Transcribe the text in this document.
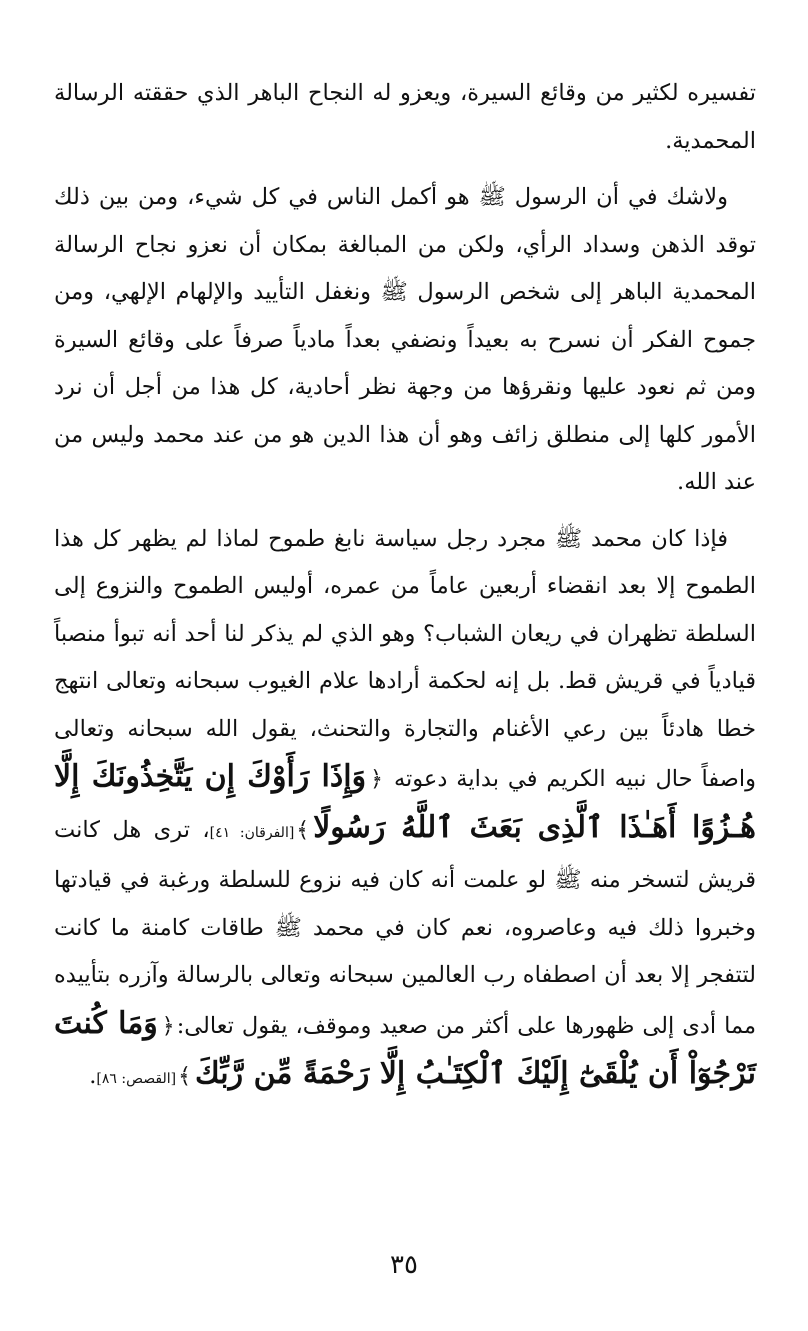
تفسيره لكثير من وقائع السيرة، ويعزو له النجاح الباهر الذي حققته الرسالة المحمدية.

ولاشك في أن الرسول ﷺ هو أكمل الناس في كل شيء، ومن بين ذلك توقد الذهن وسداد الرأي، ولكن من المبالغة بمكان أن نعزو نجاح الرسالة المحمدية الباهر إلى شخص الرسول ﷺ ونغفل التأييد والإلهام الإلهي، ومن جموح الفكر أن نسرح به بعيداً ونضفي بعداً مادياً صرفاً على وقائع السيرة ومن ثم نعود عليها ونقرؤها من وجهة نظر أحادية، كل هذا من أجل أن نرد الأمور كلها إلى منطلق زائف وهو أن هذا الدين هو من عند محمد وليس من عند الله.

فإذا كان محمد ﷺ مجرد رجل سياسة نابغ طموح لماذا لم يظهر كل هذا الطموح إلا بعد انقضاء أربعين عاماً من عمره، أوليس الطموح والنزوع إلى السلطة تظهران في ريعان الشباب؟ وهو الذي لم يذكر لنا أحد أنه تبوأ منصباً قيادياً في قريش قط. بل إنه لحكمة أرادها علام الغيوب سبحانه وتعالى انتهج خطا هادئاً بين رعي الأغنام والتجارة والتحنث، يقول الله سبحانه وتعالى واصفاً حال نبيه الكريم في بداية دعوته ﴿وَإِذَا رَأَوْكَ إِن يَتَّخِذُونَكَ إِلَّا هُـزُوًا أَهَـٰذَا ٱلَّذِى بَعَثَ ٱللَّهُ رَسُولًا﴾[الفرقان: ٤١]، ترى هل كانت قريش لتسخر منه ﷺ لو علمت أنه كان فيه نزوع للسلطة ورغبة في قيادتها وخبروا ذلك فيه وعاصروه، نعم كان في محمد ﷺ طاقات كامنة ما كانت لتتفجر إلا بعد أن اصطفاه رب العالمين سبحانه وتعالى بالرسالة وآزره بتأييده مما أدى إلى ظهورها على أكثر من صعيد وموقف، يقول تعالى:﴿وَمَا كُنتَ تَرْجُوٓاْ أَن يُلْقَىٰٓ إِلَيْكَ ٱلْكِتَـٰبُ إِلَّا رَحْمَةً مِّن رَّبِّكَ﴾[القصص: ٨٦].

٣٥
